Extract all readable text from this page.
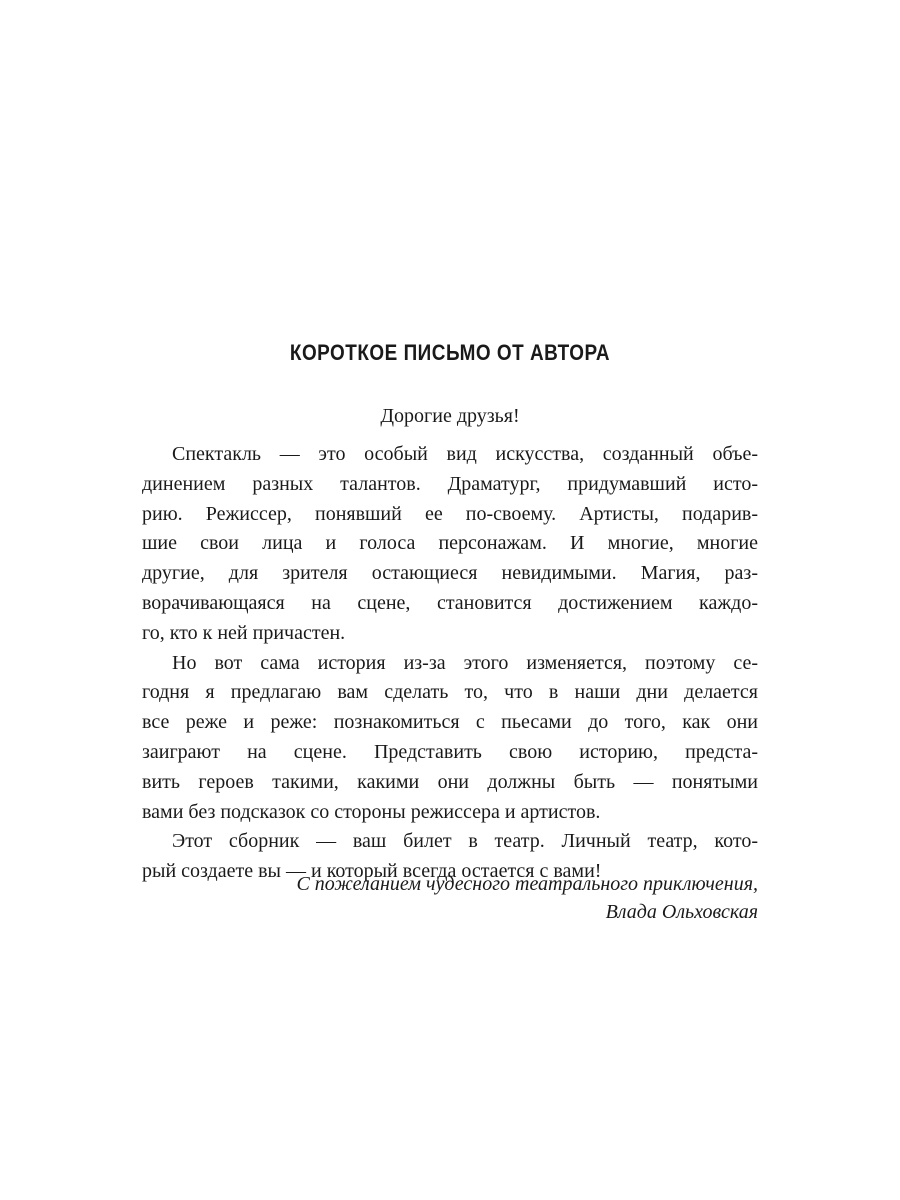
КОРОТКОЕ ПИСЬМО ОТ АВТОРА

Дорогие друзья!

Спектакль — это особый вид искусства, созданный объе-
динением разных талантов. Драматург, придумавший исто-
рию. Режиссер, понявший ее по-своему. Артисты, подарив-
шие свои лица и голоса персонажам. И многие, многие
другие, для зрителя остающиеся невидимыми. Магия, раз-
ворачивающаяся на сцене, становится достижением каждо-
го, кто к ней причастен.
Но вот сама история из-за этого изменяется, поэтому се-
годня я предлагаю вам сделать то, что в наши дни делается
все реже и реже: познакомиться с пьесами до того, как они
заиграют на сцене. Представить свою историю, предста-
вить героев такими, какими они должны быть — понятыми
вами без подсказок со стороны режиссера и артистов.
Этот сборник — ваш билет в театр. Личный театр, кото-
рый создаете вы — и который всегда остается с вами!
С пожеланием чудесного театрального приключения,
Влада Ольховская
